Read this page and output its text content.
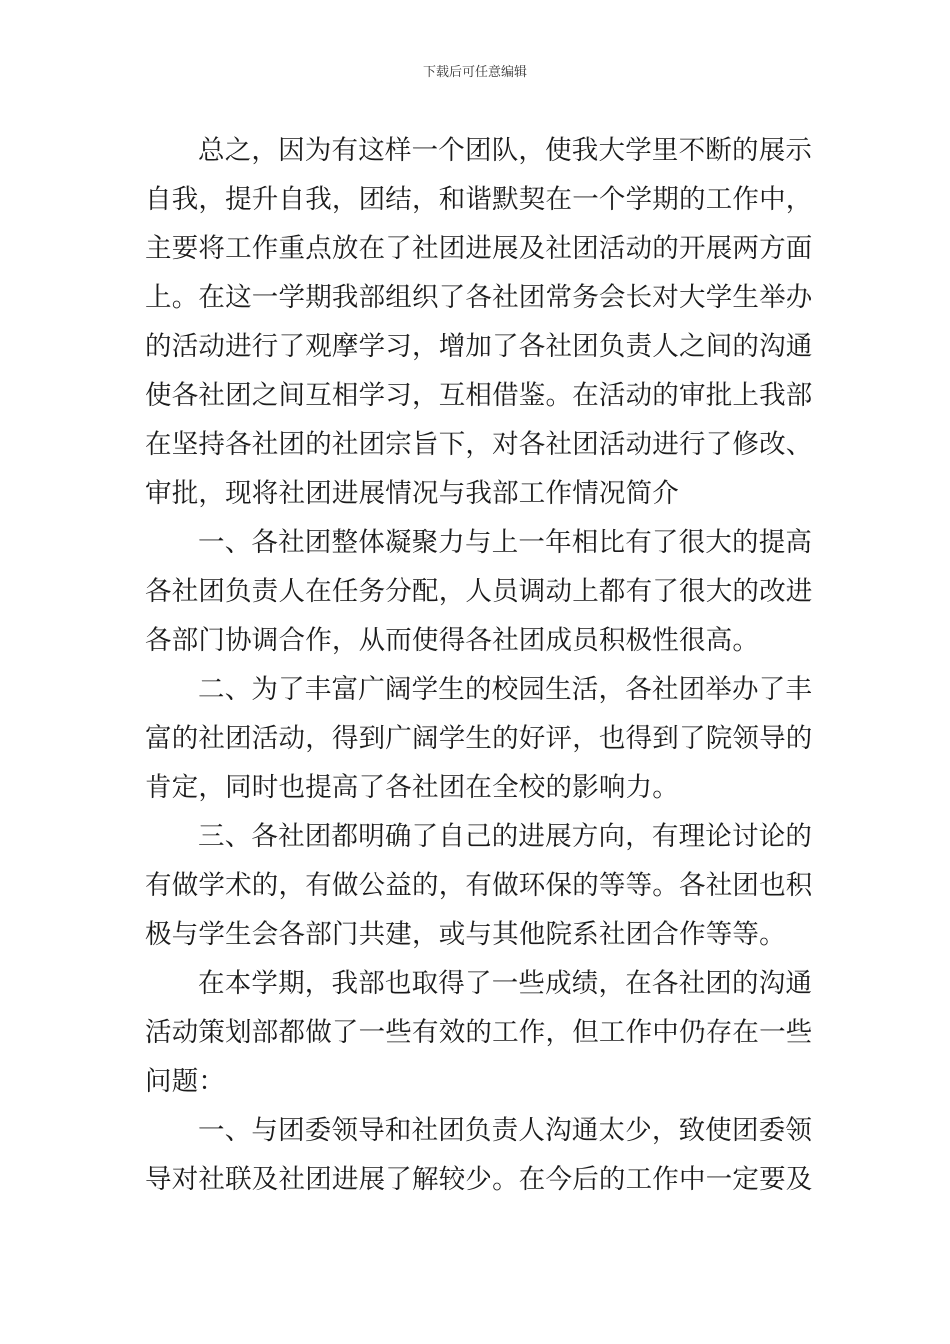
下载后可任意编辑
总之，因为有这样一个团队，使我大学里不断的展示
自我，提升自我，团结，和谐默契在一个学期的工作中，
主要将工作重点放在了社团进展及社团活动的开展两方面
上。在这一学期我部组织了各社团常务会长对大学生举办
的活动进行了观摩学习，增加了各社团负责人之间的沟通
使各社团之间互相学习，互相借鉴。在活动的审批上我部
在坚持各社团的社团宗旨下，对各社团活动进行了修改、
审批，现将社团进展情况与我部工作情况简介
一、各社团整体凝聚力与上一年相比有了很大的提高
各社团负责人在任务分配，人员调动上都有了很大的改进
各部门协调合作，从而使得各社团成员积极性很高。
二、为了丰富广阔学生的校园生活，各社团举办了丰
富的社团活动，得到广阔学生的好评，也得到了院领导的
肯定，同时也提高了各社团在全校的影响力。
三、各社团都明确了自己的进展方向，有理论讨论的
有做学术的，有做公益的，有做环保的等等。各社团也积
极与学生会各部门共建，或与其他院系社团合作等等。
在本学期，我部也取得了一些成绩，在各社团的沟通
活动策划部都做了一些有效的工作，但工作中仍存在一些
问题：
一、与团委领导和社团负责人沟通太少，致使团委领
导对社联及社团进展了解较少。在今后的工作中一定要及
